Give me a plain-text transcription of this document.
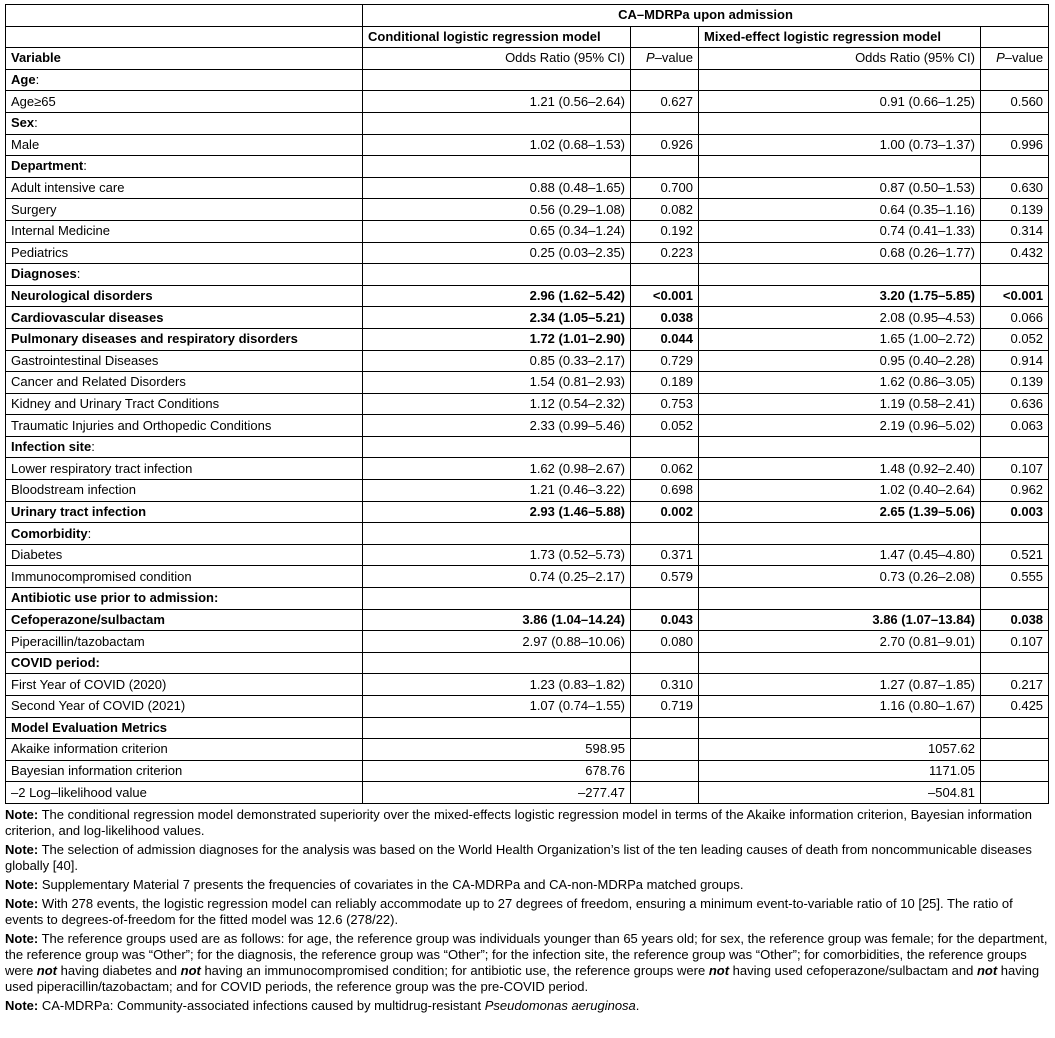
	CA–MDRPa upon admission			
	Conditional logistic regression model		Mixed-effect logistic regression model	
Variable	Odds Ratio (95% CI)	P–value	Odds Ratio (95% CI)	P–value
Age:				
Age≥65	1.21 (0.56–2.64)	0.627	0.91 (0.66–1.25)	0.560
Sex:				
Male	1.02 (0.68–1.53)	0.926	1.00 (0.73–1.37)	0.996
Department:				
Adult intensive care	0.88 (0.48–1.65)	0.700	0.87 (0.50–1.53)	0.630
Surgery	0.56 (0.29–1.08)	0.082	0.64 (0.35–1.16)	0.139
Internal Medicine	0.65 (0.34–1.24)	0.192	0.74 (0.41–1.33)	0.314
Pediatrics	0.25 (0.03–2.35)	0.223	0.68 (0.26–1.77)	0.432
Diagnoses:				
Neurological disorders	2.96 (1.62–5.42)	<0.001	3.20 (1.75–5.85)	<0.001
Cardiovascular diseases	2.34 (1.05–5.21)	0.038	2.08 (0.95–4.53)	0.066
Pulmonary diseases and respiratory disorders	1.72 (1.01–2.90)	0.044	1.65 (1.00–2.72)	0.052
Gastrointestinal Diseases	0.85 (0.33–2.17)	0.729	0.95 (0.40–2.28)	0.914
Cancer and Related Disorders	1.54 (0.81–2.93)	0.189	1.62 (0.86–3.05)	0.139
Kidney and Urinary Tract Conditions	1.12 (0.54–2.32)	0.753	1.19 (0.58–2.41)	0.636
Traumatic Injuries and Orthopedic Conditions	2.33 (0.99–5.46)	0.052	2.19 (0.96–5.02)	0.063
Infection site:				
Lower respiratory tract infection	1.62 (0.98–2.67)	0.062	1.48 (0.92–2.40)	0.107
Bloodstream infection	1.21 (0.46–3.22)	0.698	1.02 (0.40–2.64)	0.962
Urinary tract infection	2.93 (1.46–5.88)	0.002	2.65 (1.39–5.06)	0.003
Comorbidity:				
Diabetes	1.73 (0.52–5.73)	0.371	1.47 (0.45–4.80)	0.521
Immunocompromised condition	0.74 (0.25–2.17)	0.579	0.73 (0.26–2.08)	0.555
Antibiotic use prior to admission:				
Cefoperazone/sulbactam	3.86 (1.04–14.24)	0.043	3.86 (1.07–13.84)	0.038
Piperacillin/tazobactam	2.97 (0.88–10.06)	0.080	2.70 (0.81–9.01)	0.107
COVID period:				
First Year of COVID (2020)	1.23 (0.83–1.82)	0.310	1.27 (0.87–1.85)	0.217
Second Year of COVID (2021)	1.07 (0.74–1.55)	0.719	1.16 (0.80–1.67)	0.425
Model Evaluation Metrics				
Akaike information criterion	598.95		1057.62	
Bayesian information criterion	678.76		1171.05	
–2 Log–likelihood value	–277.47		–504.81	

Note: The conditional regression model demonstrated superiority over the mixed-effects logistic regression model in terms of the Akaike information criterion, Bayesian information criterion, and log-likelihood values.

Note: The selection of admission diagnoses for the analysis was based on the World Health Organization’s list of the ten leading causes of death from noncommunicable diseases globally [40].

Note: Supplementary Material 7 presents the frequencies of covariates in the CA-MDRPa and CA-non-MDRPa matched groups.

Note: With 278 events, the logistic regression model can reliably accommodate up to 27 degrees of freedom, ensuring a minimum event-to-variable ratio of 10 [25]. The ratio of events to degrees-of-freedom for the fitted model was 12.6 (278/22).

Note: The reference groups used are as follows: for age, the reference group was individuals younger than 65 years old; for sex, the reference group was female; for the department, the reference group was “Other”; for the diagnosis, the reference group was “Other”; for the infection site, the reference group was “Other”; for comorbidities, the reference groups were not having diabetes and not having an immunocompromised condition; for antibiotic use, the reference groups were not having used cefoperazone/sulbactam and not having used piperacillin/tazobactam; and for COVID periods, the reference group was the pre-COVID period.

Note: CA-MDRPa: Community-associated infections caused by multidrug-resistant Pseudomonas aeruginosa.
